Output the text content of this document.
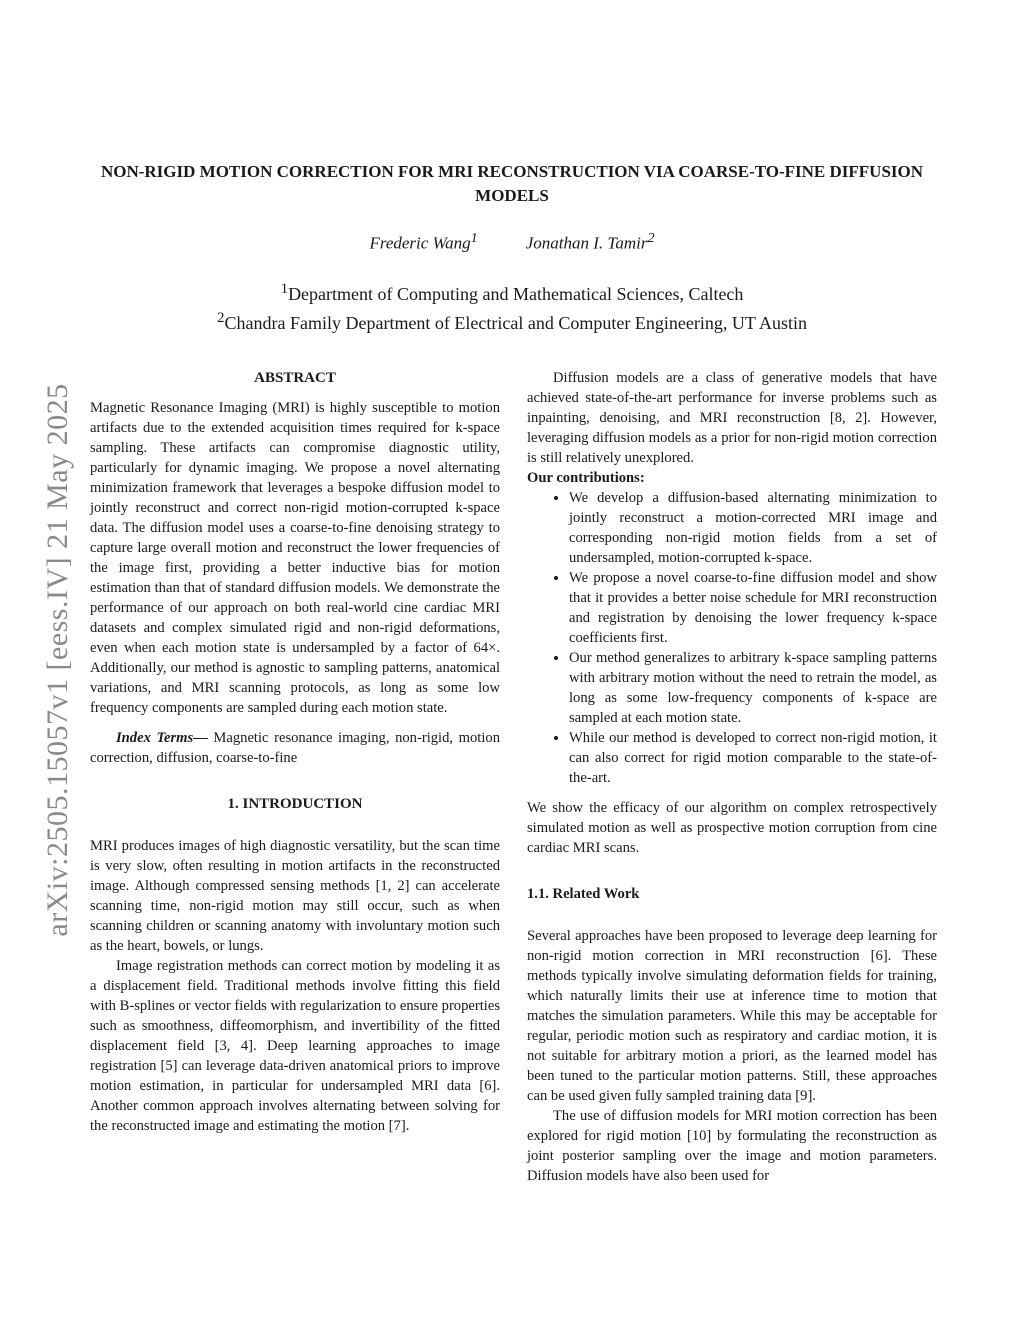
NON-RIGID MOTION CORRECTION FOR MRI RECONSTRUCTION VIA COARSE-TO-FINE DIFFUSION MODELS
Frederic Wang$^1$	Jonathan I. Tamir$^2$
$^1$Department of Computing and Mathematical Sciences, Caltech
$^2$Chandra Family Department of Electrical and Computer Engineering, UT Austin
arXiv:2505.15057v1 [eess.IV] 21 May 2025
ABSTRACT

Magnetic Resonance Imaging (MRI) is highly susceptible to motion artifacts due to the extended acquisition times required for k-space sampling. These artifacts can compromise diagnostic utility, particularly for dynamic imaging. We propose a novel alternating minimization framework that leverages a bespoke diffusion model to jointly reconstruct and correct non-rigid motion-corrupted k-space data. The diffusion model uses a coarse-to-fine denoising strategy to capture large overall motion and reconstruct the lower frequencies of the image first, providing a better inductive bias for motion estimation than that of standard diffusion models. We demonstrate the performance of our approach on both real-world cine cardiac MRI datasets and complex simulated rigid and non-rigid deformations, even when each motion state is undersampled by a factor of 64×. Additionally, our method is agnostic to sampling patterns, anatomical variations, and MRI scanning protocols, as long as some low frequency components are sampled during each motion state.

Index Terms— Magnetic resonance imaging, non-rigid, motion correction, diffusion, coarse-to-fine

1. INTRODUCTION

MRI produces images of high diagnostic versatility, but the scan time is very slow, often resulting in motion artifacts in the reconstructed image. Although compressed sensing methods [1, 2] can accelerate scanning time, non-rigid motion may still occur, such as when scanning children or scanning anatomy with involuntary motion such as the heart, bowels, or lungs.

Image registration methods can correct motion by modeling it as a displacement field. Traditional methods involve fitting this field with B-splines or vector fields with regularization to ensure properties such as smoothness, diffeomorphism, and invertibility of the fitted displacement field [3, 4]. Deep learning approaches to image registration [5] can leverage data-driven anatomical priors to improve motion estimation, in particular for undersampled MRI data [6]. Another common approach involves alternating between solving for the reconstructed image and estimating the motion [7].

Diffusion models are a class of generative models that have achieved state-of-the-art performance for inverse problems such as inpainting, denoising, and MRI reconstruction [8, 2]. However, leveraging diffusion models as a prior for non-rigid motion correction is still relatively unexplored.

Our contributions:

• We develop a diffusion-based alternating minimization to jointly reconstruct a motion-corrected MRI image and corresponding non-rigid motion fields from a set of undersampled, motion-corrupted k-space.
• We propose a novel coarse-to-fine diffusion model and show that it provides a better noise schedule for MRI reconstruction and registration by denoising the lower frequency k-space coefficients first.
• Our method generalizes to arbitrary k-space sampling patterns with arbitrary motion without the need to retrain the model, as long as some low-frequency components of k-space are sampled at each motion state.
• While our method is developed to correct non-rigid motion, it can also correct for rigid motion comparable to the state-of-the-art.

We show the efficacy of our algorithm on complex retrospectively simulated motion as well as prospective motion corruption from cine cardiac MRI scans.

1.1. Related Work

Several approaches have been proposed to leverage deep learning for non-rigid motion correction in MRI reconstruction [6]. These methods typically involve simulating deformation fields for training, which naturally limits their use at inference time to motion that matches the simulation parameters. While this may be acceptable for regular, periodic motion such as respiratory and cardiac motion, it is not suitable for arbitrary motion a priori, as the learned model has been tuned to the particular motion patterns. Still, these approaches can be used given fully sampled training data [9].

The use of diffusion models for MRI motion correction has been explored for rigid motion [10] by formulating the reconstruction as joint posterior sampling over the image and motion parameters. Diffusion models have also been used for
